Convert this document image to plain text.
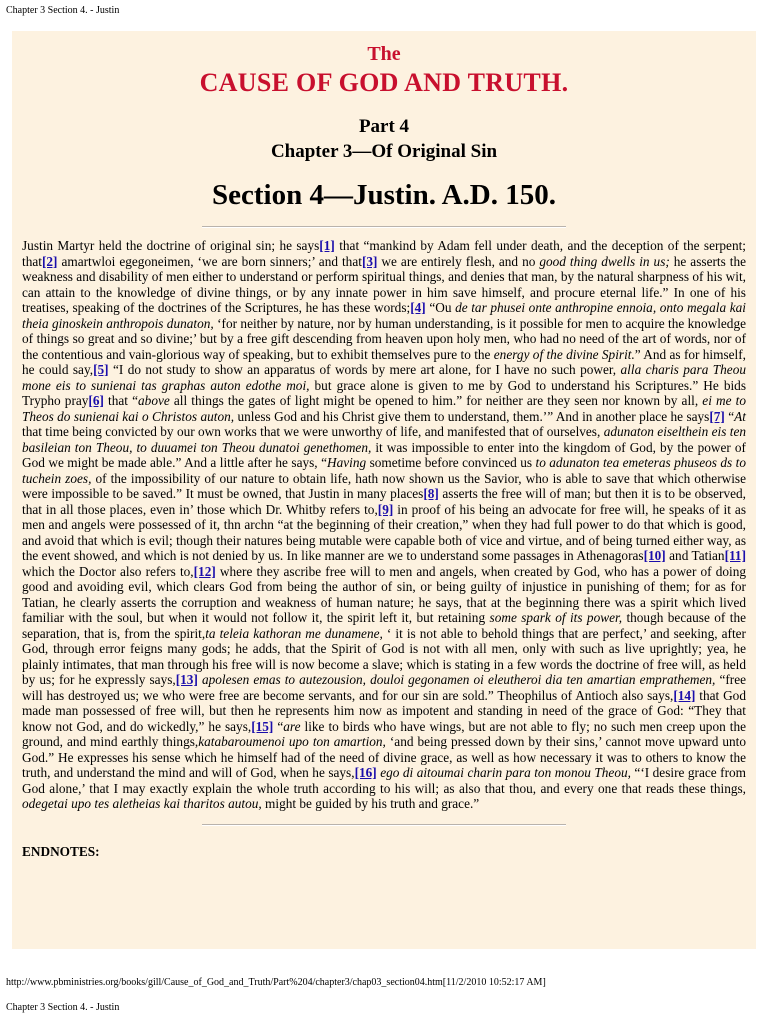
Chapter 3 Section 4. - Justin
The
CAUSE OF GOD AND TRUTH.
Part 4
Chapter 3—Of Original Sin
Section 4—Justin. A.D. 150.
Justin Martyr held the doctrine of original sin; he says[1] that “mankind by Adam fell under death, and the deception of the serpent; that[2] amartwloi egegoneimen, ‘we are born sinners;’ and that[3] we are entirely flesh, and no good thing dwells in us; he asserts the weakness and disability of men either to understand or perform spiritual things, and denies that man, by the natural sharpness of his wit, can attain to the knowledge of divine things, or by any innate power in him save himself, and procure eternal life.” In one of his treatises, speaking of the doctrines of the Scriptures, he has these words;[4] “Ou de tar phusei onte anthropine ennoia, onto megala kai theia ginoskein anthropois dunaton, ‘for neither by nature, nor by human understanding, is it possible for men to acquire the knowledge of things so great and so divine;’ but by a free gift descending from heaven upon holy men, who had no need of the art of words, nor of the contentious and vain-glorious way of speaking, but to exhibit themselves pure to the energy of the divine Spirit.” And as for himself, he could say,[5] “I do not study to show an apparatus of words by mere art alone, for I have no such power, alla charis para Theou mone eis to sunienai tas graphas auton edothe moi, but grace alone is given to me by God to understand his Scriptures.” He bids Trypho pray[6] that “above all things the gates of light might be opened to him.” for neither are they seen nor known by all, ei me to Theos do sunienai kai o Christos auton, unless God and his Christ give them to understand, them.’” And in another place he says[7] “At that time being convicted by our own works that we were unworthy of life, and manifested that of ourselves, adunaton eiselthein eis ten basileian ton Theou, to duuamei ton Theou dunatoi genethomen, it was impossible to enter into the kingdom of God, by the power of God we might be made able.” And a little after he says, “Having sometime before convinced us to adunaton tea emeteras phuseos ds to tuchein zoes, of the impossibility of our nature to obtain life, hath now shown us the Savior, who is able to save that which otherwise were impossible to be saved.” It must be owned, that Justin in many places[8] asserts the free will of man; but then it is to be observed, that in all those places, even in’ those which Dr. Whitby refers to,[9] in proof of his being an advocate for free will, he speaks of it as men and angels were possessed of it, thn archn “at the beginning of their creation,” when they had full power to do that which is good, and avoid that which is evil; though their natures being mutable were capable both of vice and virtue, and of being turned either way, as the event showed, and which is not denied by us. In like manner are we to understand some passages in Athenagoras[10] and Tatian[11] which the Doctor also refers to,[12] where they ascribe free will to men and angels, when created by God, who has a power of doing good and avoiding evil, which clears God from being the author of sin, or being guilty of injustice in punishing of them; for as for Tatian, he clearly asserts the corruption and weakness of human nature; he says, that at the beginning there was a spirit which lived familiar with the soul, but when it would not follow it, the spirit left it, but retaining some spark of its power, though because of the separation, that is, from the spirit,ta teleia kathoran me dunamene, ‘ it is not able to behold things that are perfect,’ and seeking, after God, through error feigns many gods; he adds, that the Spirit of God is not with all men, only with such as live uprightly; yea, he plainly intimates, that man through his free will is now become a slave; which is stating in a few words the doctrine of free will, as held by us; for he expressly says,[13] apolesen emas to autezousion, douloi gegonamen oi eleutheroi dia ten amartian emprathemen, “free will has destroyed us; we who were free are become servants, and for our sin are sold.” Theophilus of Antioch also says,[14] that God made man possessed of free will, but then he represents him now as impotent and standing in need of the grace of God: “They that know not God, and do wickedly,” he says,[15] “are like to birds who have wings, but are not able to fly; no such men creep upon the ground, and mind earthly things,katabaroumenoi upo ton amartion, ‘and being pressed down by their sins,’ cannot move upward unto God.” He expresses his sense which he himself had of the need of divine grace, as well as how necessary it was to others to know the truth, and understand the mind and will of God, when he says,[16] ego di aitoumai charin para ton monou Theou, “‘I desire grace from God alone,’ that I may exactly explain the whole truth according to his will; as also that thou, and every one that reads these things, odegetai upo tes aletheias kai tharitos autou, might be guided by his truth and grace.”
ENDNOTES:
http://www.pbministries.org/books/gill/Cause_of_God_and_Truth/Part%204/chapter3/chap03_section04.htm[11/2/2010 10:52:17 AM]
Chapter 3 Section 4. - Justin
